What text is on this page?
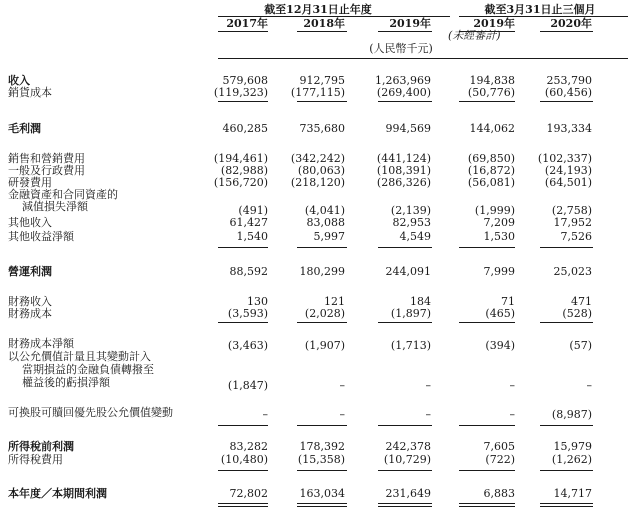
截至12月31日止年度	截至3月31日止三個月
2017年	2018年	2019年	2019年	2020年
(未經審計)
(人民幣千元)
收入	579,608	912,795	1,263,969	194,838	253,790
銷貨成本	(119,323)	(177,115)	(269,400)	(50,776)	(60,456)
毛利潤	460,285	735,680	994,569	144,062	193,334
銷售和營銷費用	(194,461)	(342,242)	(441,124)	(69,850)	(102,337)
一般及行政費用	(82,988)	(80,063)	(108,391)	(16,872)	(24,193)
研發費用	(156,720)	(218,120)	(286,326)	(56,081)	(64,501)
金融資產和合同資產的
減值損失淨額	(491)	(4,041)	(2,139)	(1,999)	(2,758)
其他收入	61,427	83,088	82,953	7,209	17,952
其他收益淨額	1,540	5,997	4,549	1,530	7,526
營運利潤	88,592	180,299	244,091	7,999	25,023
財務收入	130	121	184	71	471
財務成本	(3,593)	(2,028)	(1,897)	(465)	(528)
財務成本淨額	(3,463)	(1,907)	(1,713)	(394)	(57)
以公允價值計量且其變動計入
當期損益的金融負債轉撥至
權益後的虧損淨額	(1,847)	–	–	–	–
可換股可贖回優先股公允價值變動	–	–	–	–	(8,987)
所得稅前利潤	83,282	178,392	242,378	7,605	15,979
所得稅費用	(10,480)	(15,358)	(10,729)	(722)	(1,262)
本年度／本期間利潤	72,802	163,034	231,649	6,883	14,717
